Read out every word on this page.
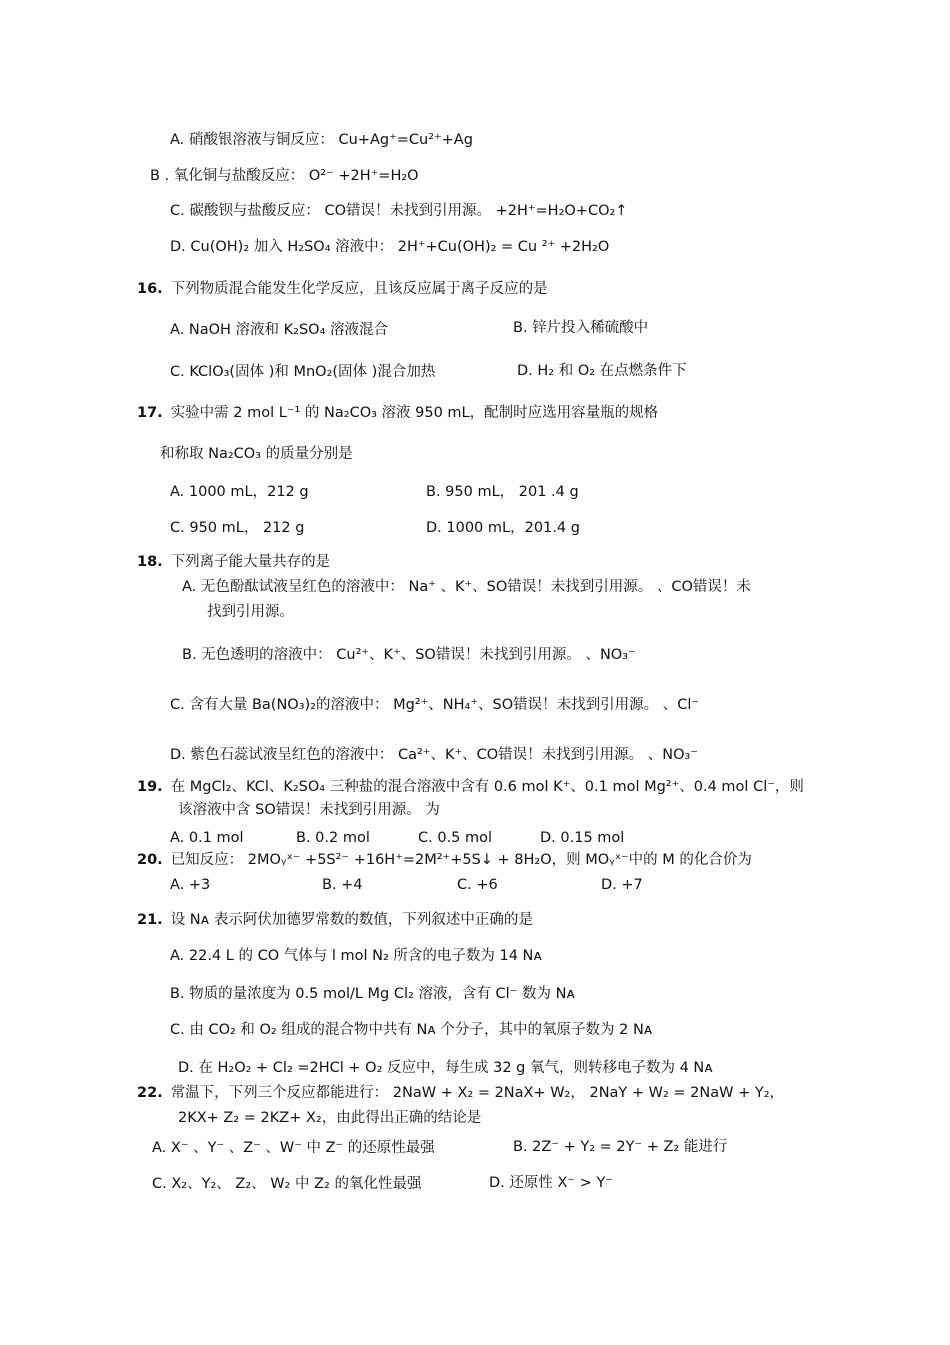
A. 硝酸银溶液与铜反应： Cu+Ag⁺=Cu²⁺+Ag
B . 氧化铜与盐酸反应： O²⁻ +2H⁺=H₂O
C. 碳酸钡与盐酸反应： CO错误！未找到引用源。 +2H⁺=H₂O+CO₂↑
D. Cu(OH)₂ 加入 H₂SO₄ 溶液中： 2H⁺+Cu(OH)₂ = Cu ²⁺ +2H₂O
16. 下列物质混合能发生化学反应，且该反应属于离子反应的是
A. NaOH 溶液和 K₂SO₄ 溶液混合	B. 锌片投入稀硫酸中
C. KClO₃(固体 )和 MnO₂(固体 )混合加热	D. H₂ 和 O₂ 在点燃条件下
17. 实验中需 2 mol L⁻¹ 的 Na₂CO₃ 溶液 950 mL，配制时应选用容量瓶的规格
和称取 Na₂CO₃ 的质量分别是
A. 1000 mL，212 g	B. 950 mL， 201 .4 g
C. 950 mL， 212 g	D. 1000 mL，201.4 g
18. 下列离子能大量共存的是
A. 无色酚酞试液呈红色的溶液中： Na⁺ 、K⁺、SO错误！未找到引用源。 、CO错误！未
找到引用源。
B. 无色透明的溶液中： Cu²⁺、K⁺、SO错误！未找到引用源。 、NO₃⁻
C. 含有大量 Ba(NO₃)₂的溶液中： Mg²⁺、NH₄⁺、SO错误！未找到引用源。 、Cl⁻
D. 紫色石蕊试液呈红色的溶液中： Ca²⁺、K⁺、CO错误！未找到引用源。 、NO₃⁻
19. 在 MgCl₂、KCl、K₂SO₄ 三种盐的混合溶液中含有 0.6 mol K⁺、0.1 mol Mg²⁺、0.4 mol Cl⁻，则
该溶液中含 SO错误！未找到引用源。 为
A. 0.1 mol	B. 0.2 mol	C. 0.5 mol	D. 0.15 mol
20. 已知反应： 2MOᵧˣ⁻ +5S²⁻ +16H⁺=2M²⁺+5S↓ + 8H₂O，则 MOᵧˣ⁻中的 M 的化合价为
A. +3	B. +4	C. +6	D. +7
21. 设 Nᴀ 表示阿伏加德罗常数的数值，下列叙述中正确的是
A. 22.4 L 的 CO 气体与 l mol N₂ 所含的电子数为 14 Nᴀ
B. 物质的量浓度为 0.5 mol/L Mg Cl₂ 溶液，含有 Cl⁻ 数为 Nᴀ
C. 由 CO₂ 和 O₂ 组成的混合物中共有 Nᴀ 个分子，其中的氧原子数为 2 Nᴀ
D. 在 H₂O₂ + Cl₂ =2HCl + O₂ 反应中，每生成 32 g 氧气，则转移电子数为 4 Nᴀ
22. 常温下，下列三个反应都能进行： 2NaW + X₂ = 2NaX+ W₂， 2NaY + W₂ = 2NaW + Y₂，
2KX+ Z₂ = 2KZ+ X₂，由此得出正确的结论是
A. X⁻ 、Y⁻ 、Z⁻ 、W⁻ 中 Z⁻ 的还原性最强	B. 2Z⁻ + Y₂ = 2Y⁻ + Z₂ 能进行
C. X₂、Y₂、 Z₂、 W₂ 中 Z₂ 的氧化性最强	D. 还原性 X⁻ > Y⁻
